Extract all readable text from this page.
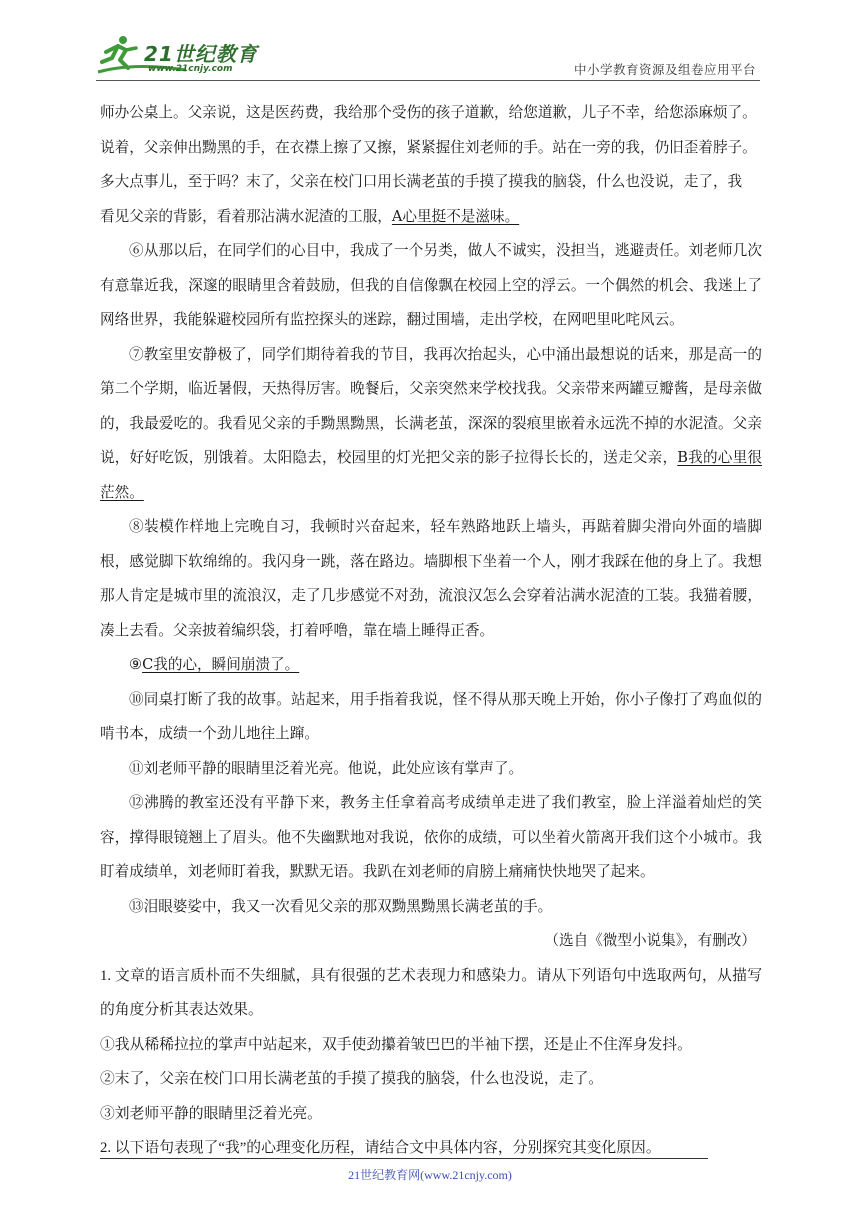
21世纪教育
www.21cnjy.com	中小学教育资源及组卷应用平台

师办公桌上。父亲说，这是医药费，我给那个受伤的孩子道歉，给您道歉，儿子不幸，给您添麻烦了。
说着，父亲伸出黝黑的手，在衣襟上擦了又擦，紧紧握住刘老师的手。站在一旁的我，仍旧歪着脖子。
多大点事儿，至于吗？末了，父亲在校门口用长满老茧的手摸了摸我的脑袋，什么也没说，走了，我
看见父亲的背影，看着那沾满水泥渣的工服，A心里挺不是滋味。

⑥从那以后，在同学们的心目中，我成了一个另类，做人不诚实，没担当，逃避责任。刘老师几次有意靠近我，深邃的眼睛里含着鼓励，但我的自信像飘在校园上空的浮云。一个偶然的机会、我迷上了网络世界，我能躲避校园所有监控探头的迷踪，翻过围墙，走出学校，在网吧里叱咤风云。

⑦教室里安静极了，同学们期待着我的节目，我再次抬起头，心中涌出最想说的话来，那是高一的第二个学期，临近暑假，天热得厉害。晚餐后，父亲突然来学校找我。父亲带来两罐豆瓣酱，是母亲做的，我最爱吃的。我看见父亲的手黝黑黝黑，长满老茧，深深的裂痕里嵌着永远洗不掉的水泥渣。父亲说，好好吃饭，别饿着。太阳隐去，校园里的灯光把父亲的影子拉得长长的，送走父亲，B我的心里很茫然。

⑧装模作样地上完晚自习，我顿时兴奋起来，轻车熟路地跃上墙头，再踮着脚尖滑向外面的墙脚根，感觉脚下软绵绵的。我闪身一跳，落在路边。墙脚根下坐着一个人，刚才我踩在他的身上了。我想那人肯定是城市里的流浪汉，走了几步感觉不对劲，流浪汉怎么会穿着沾满水泥渣的工装。我猫着腰，凑上去看。父亲披着编织袋，打着呼噜，靠在墙上睡得正香。

⑨C我的心，瞬间崩溃了。

⑩同桌打断了我的故事。站起来，用手指着我说，怪不得从那天晚上开始，你小子像打了鸡血似的啃书本，成绩一个劲儿地往上蹿。

⑪刘老师平静的眼睛里泛着光亮。他说，此处应该有掌声了。

⑫沸腾的教室还没有平静下来，教务主任拿着高考成绩单走进了我们教室，脸上洋溢着灿烂的笑容，撑得眼镜翘上了眉头。他不失幽默地对我说，依你的成绩，可以坐着火箭离开我们这个小城市。我盯着成绩单，刘老师盯着我，默默无语。我趴在刘老师的肩膀上痛痛快快地哭了起来。

⑬泪眼婆娑中，我又一次看见父亲的那双黝黑黝黑长满老茧的手。

（选自《微型小说集》，有删改）

1. 文章的语言质朴而不失细腻，具有很强的艺术表现力和感染力。请从下列语句中选取两句，从描写的角度分析其表达效果。

①我从稀稀拉拉的掌声中站起来，双手使劲攥着皱巴巴的半袖下摆，还是止不住浑身发抖。

②末了，父亲在校门口用长满老茧的手摸了摸我的脑袋，什么也没说，走了。

③刘老师平静的眼睛里泛着光亮。

2. 以下语句表现了“我”的心理变化历程，请结合文中具体内容，分别探究其变化原因。

21世纪教育网(www.21cnjy.com)
